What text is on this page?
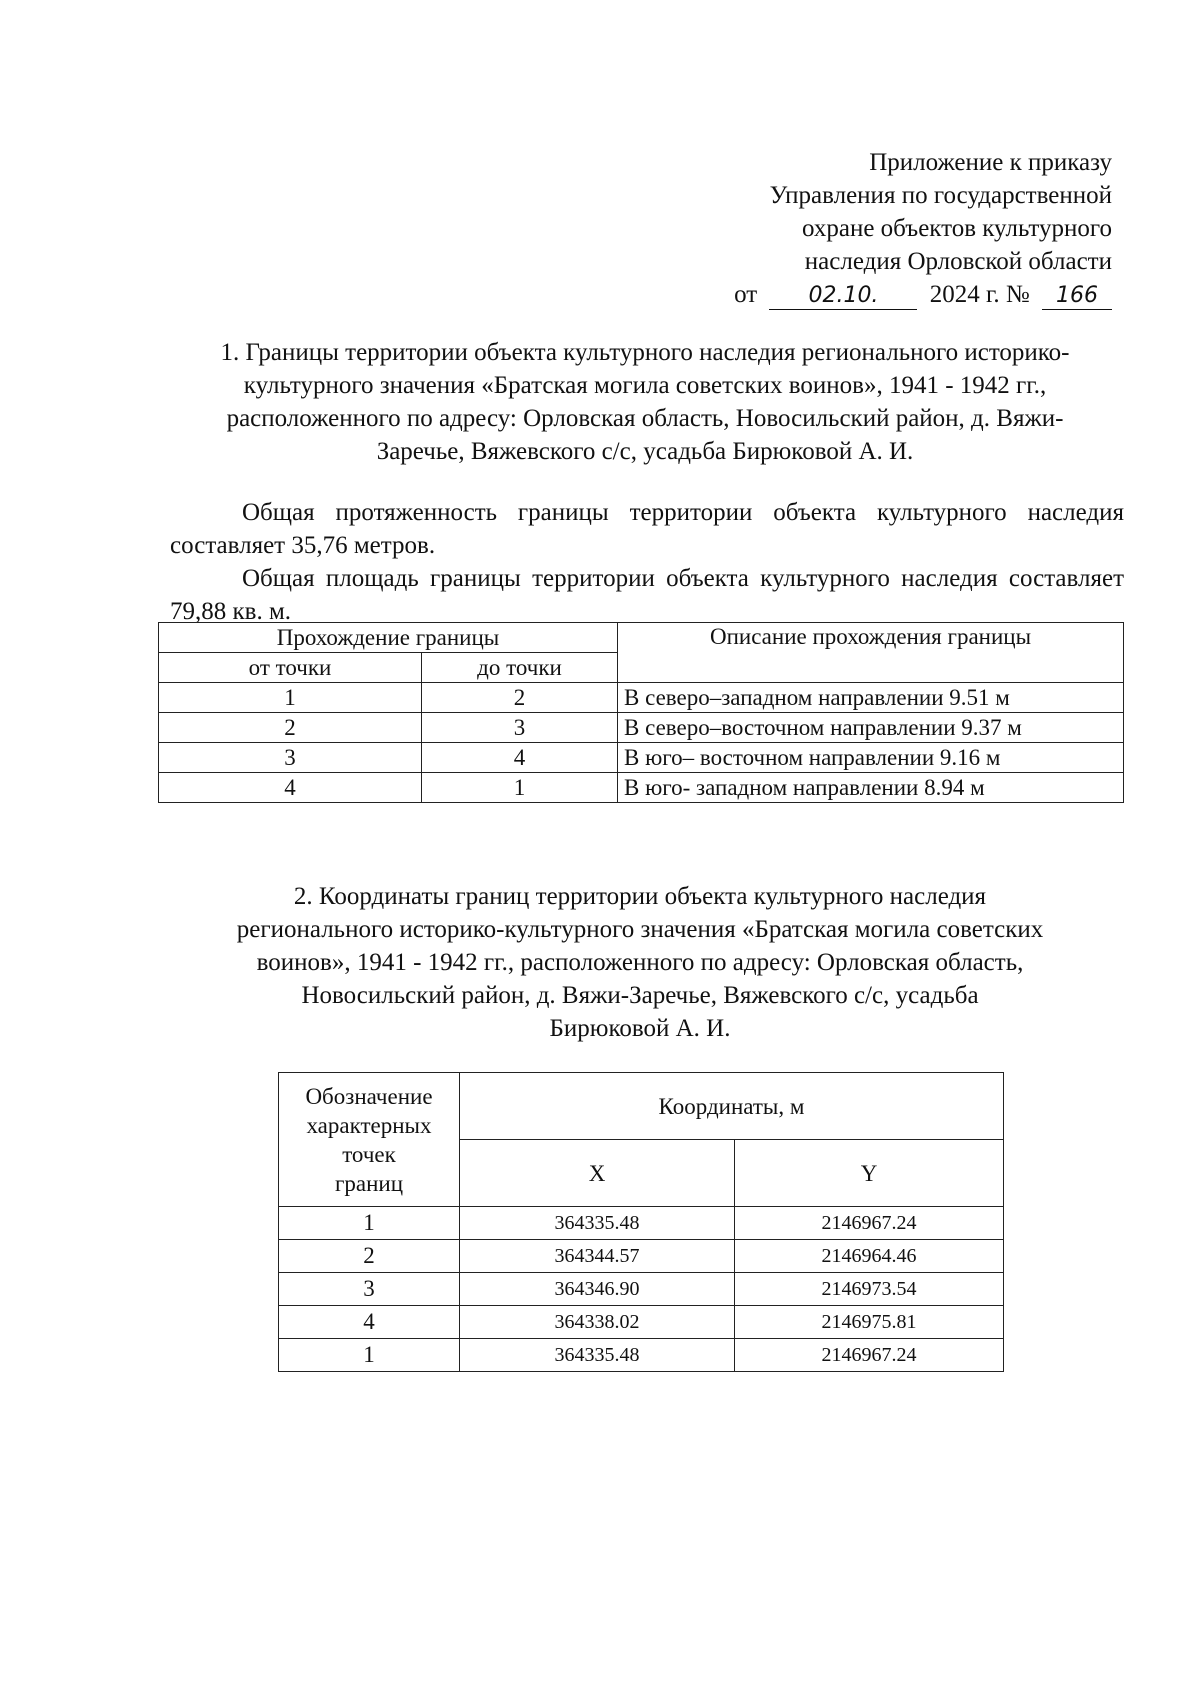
Приложение к приказу
Управления по государственной
охране объектов культурного
наследия Орловской области
от 02.10. 2024 г. № 166
1. Границы территории объекта культурного наследия регионального историко-
культурного значения «Братская могила советских воинов», 1941 - 1942 гг.,
расположенного по адресу: Орловская область, Новосильский район, д. Вяжи-
Заречье, Вяжевского с/с, усадьба Бирюковой А. И.
Общая протяженность границы территории объекта культурного наследия составляет 35,76 метров.
Общая площадь границы территории объекта культурного наследия составляет 79,88 кв. м.
Прохождение границы		Описание прохождения границы
от точки	до точки	
1	2	В северо–западном направлении 9.51 м
2	3	В северо–восточном направлении 9.37 м
3	4	В юго– восточном направлении 9.16 м
4	1	В юго- западном направлении 8.94 м
2. Координаты границ территории объекта культурного наследия
регионального историко-культурного значения «Братская могила советских
воинов», 1941 - 1942 гг., расположенного по адресу: Орловская область,
Новосильский район, д. Вяжи-Заречье, Вяжевского с/с, усадьба
Бирюковой А. И.
Обозначение
характерных
точек
границ	Координаты, м	
	X	Y
1	364335.48	2146967.24
2	364344.57	2146964.46
3	364346.90	2146973.54
4	364338.02	2146975.81
1	364335.48	2146967.24
